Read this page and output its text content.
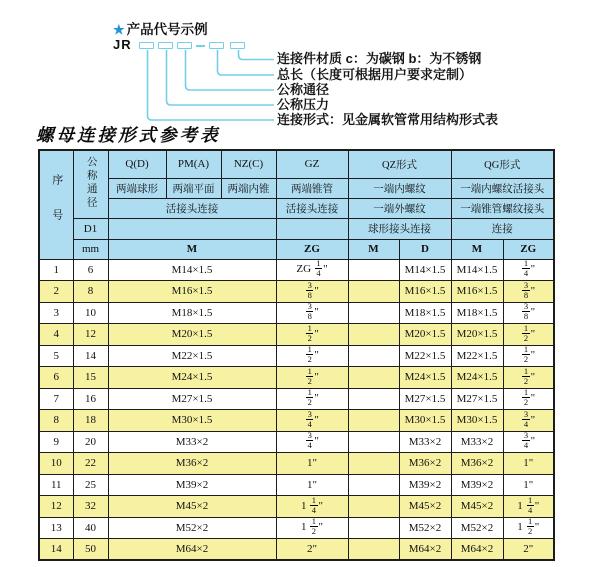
★ 产品代号示例
JR
连接件材质 c：为碳钢 b：为不锈钢
总长（长度可根据用户要求定制）
公称通径
公称压力
连接形式：见金属软管常用结构形式表
螺母连接形式参考表
序号	公称通径	Q(D)	PM(A)	NZ(C)	GZ	QZ形式		QG形式	
		两端球形	两端平面	两端内锥	两端锥管	一端内螺纹		一端内螺纹活接头	
		活接头连接			活接头连接	一端外螺纹		一端锥管螺纹接头	
	D1					球形接头连接		连接	
	mm	M			ZG	M	D	M	ZG
1	6	M14×1.5			ZG $\frac{1}{4}$ "		M14×1.5	M14×1.5	$\frac{1}{4}$ "
2	8	M16×1.5			$\frac{3}{8}$ "		M16×1.5	M16×1.5	$\frac{3}{8}$ "
3	10	M18×1.5			$\frac{3}{8}$ "		M18×1.5	M18×1.5	$\frac{3}{8}$ "
4	12	M20×1.5			$\frac{1}{2}$ "		M20×1.5	M20×1.5	$\frac{1}{2}$ "
5	14	M22×1.5			$\frac{1}{2}$ "		M22×1.5	M22×1.5	$\frac{1}{2}$ "
6	15	M24×1.5			$\frac{1}{2}$ "		M24×1.5	M24×1.5	$\frac{1}{2}$ "
7	16	M27×1.5			$\frac{1}{2}$ "		M27×1.5	M27×1.5	$\frac{1}{2}$ "
8	18	M30×1.5			$\frac{3}{4}$ "		M30×1.5	M30×1.5	$\frac{3}{4}$ "
9	20	M33×2			$\frac{3}{4}$ "		M33×2	M33×2	$\frac{3}{4}$ "
10	22	M36×2			1"		M36×2	M36×2	1"
11	25	M39×2			1"		M39×2	M39×2	1"
12	32	M45×2			$1 \frac{1}{4}$ "		M45×2	M45×2	$1 \frac{1}{4}$ "
13	40	M52×2			$1 \frac{1}{2}$ "		M52×2	M52×2	$1 \frac{1}{2}$ "
14	50	M64×2			2"		M64×2	M64×2	2"
